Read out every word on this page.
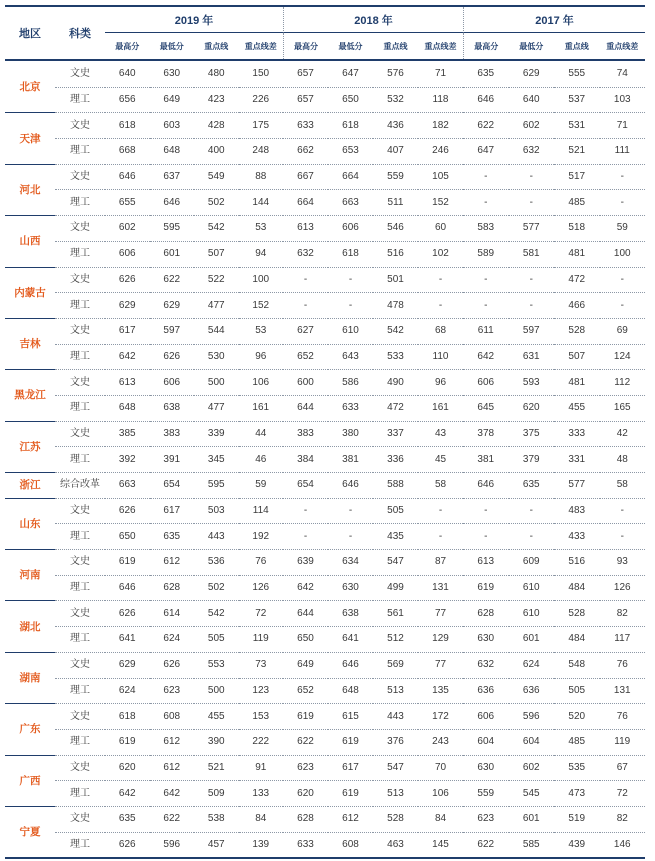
地区	科类
2019 年	2018 年	2017 年
最高分	最低分	重点线	重点线差	最高分	最低分	重点线	重点线差	最高分	最低分	重点线	重点线差
北京
文史	640	630	480	150	657	647	576	71	635	629	555	74
理工	656	649	423	226	657	650	532	118	646	640	537	103
天津
文史	618	603	428	175	633	618	436	182	622	602	531	71
理工	668	648	400	248	662	653	407	246	647	632	521	111
河北
文史	646	637	549	88	667	664	559	105	-	-	517	-
理工	655	646	502	144	664	663	511	152	-	-	485	-
山西
文史	602	595	542	53	613	606	546	60	583	577	518	59
理工	606	601	507	94	632	618	516	102	589	581	481	100
内蒙古
文史	626	622	522	100	-	-	501	-	-	-	472	-
理工	629	629	477	152	-	-	478	-	-	-	466	-
吉林
文史	617	597	544	53	627	610	542	68	611	597	528	69
理工	642	626	530	96	652	643	533	110	642	631	507	124
黑龙江
文史	613	606	500	106	600	586	490	96	606	593	481	112
理工	648	638	477	161	644	633	472	161	645	620	455	165
江苏
文史	385	383	339	44	383	380	337	43	378	375	333	42
理工	392	391	345	46	384	381	336	45	381	379	331	48
浙江	综合改革	663	654	595	59	654	646	588	58	646	635	577	58
山东
文史	626	617	503	114	-	-	505	-	-	-	483	-
理工	650	635	443	192	-	-	435	-	-	-	433	-
河南
文史	619	612	536	76	639	634	547	87	613	609	516	93
理工	646	628	502	126	642	630	499	131	619	610	484	126
湖北
文史	626	614	542	72	644	638	561	77	628	610	528	82
理工	641	624	505	119	650	641	512	129	630	601	484	117
湖南
文史	629	626	553	73	649	646	569	77	632	624	548	76
理工	624	623	500	123	652	648	513	135	636	636	505	131
广东
文史	618	608	455	153	619	615	443	172	606	596	520	76
理工	619	612	390	222	622	619	376	243	604	604	485	119
广西
文史	620	612	521	91	623	617	547	70	630	602	535	67
理工	642	642	509	133	620	619	513	106	559	545	473	72
宁夏
文史	635	622	538	84	628	612	528	84	623	601	519	82
理工	626	596	457	139	633	608	463	145	622	585	439	146
